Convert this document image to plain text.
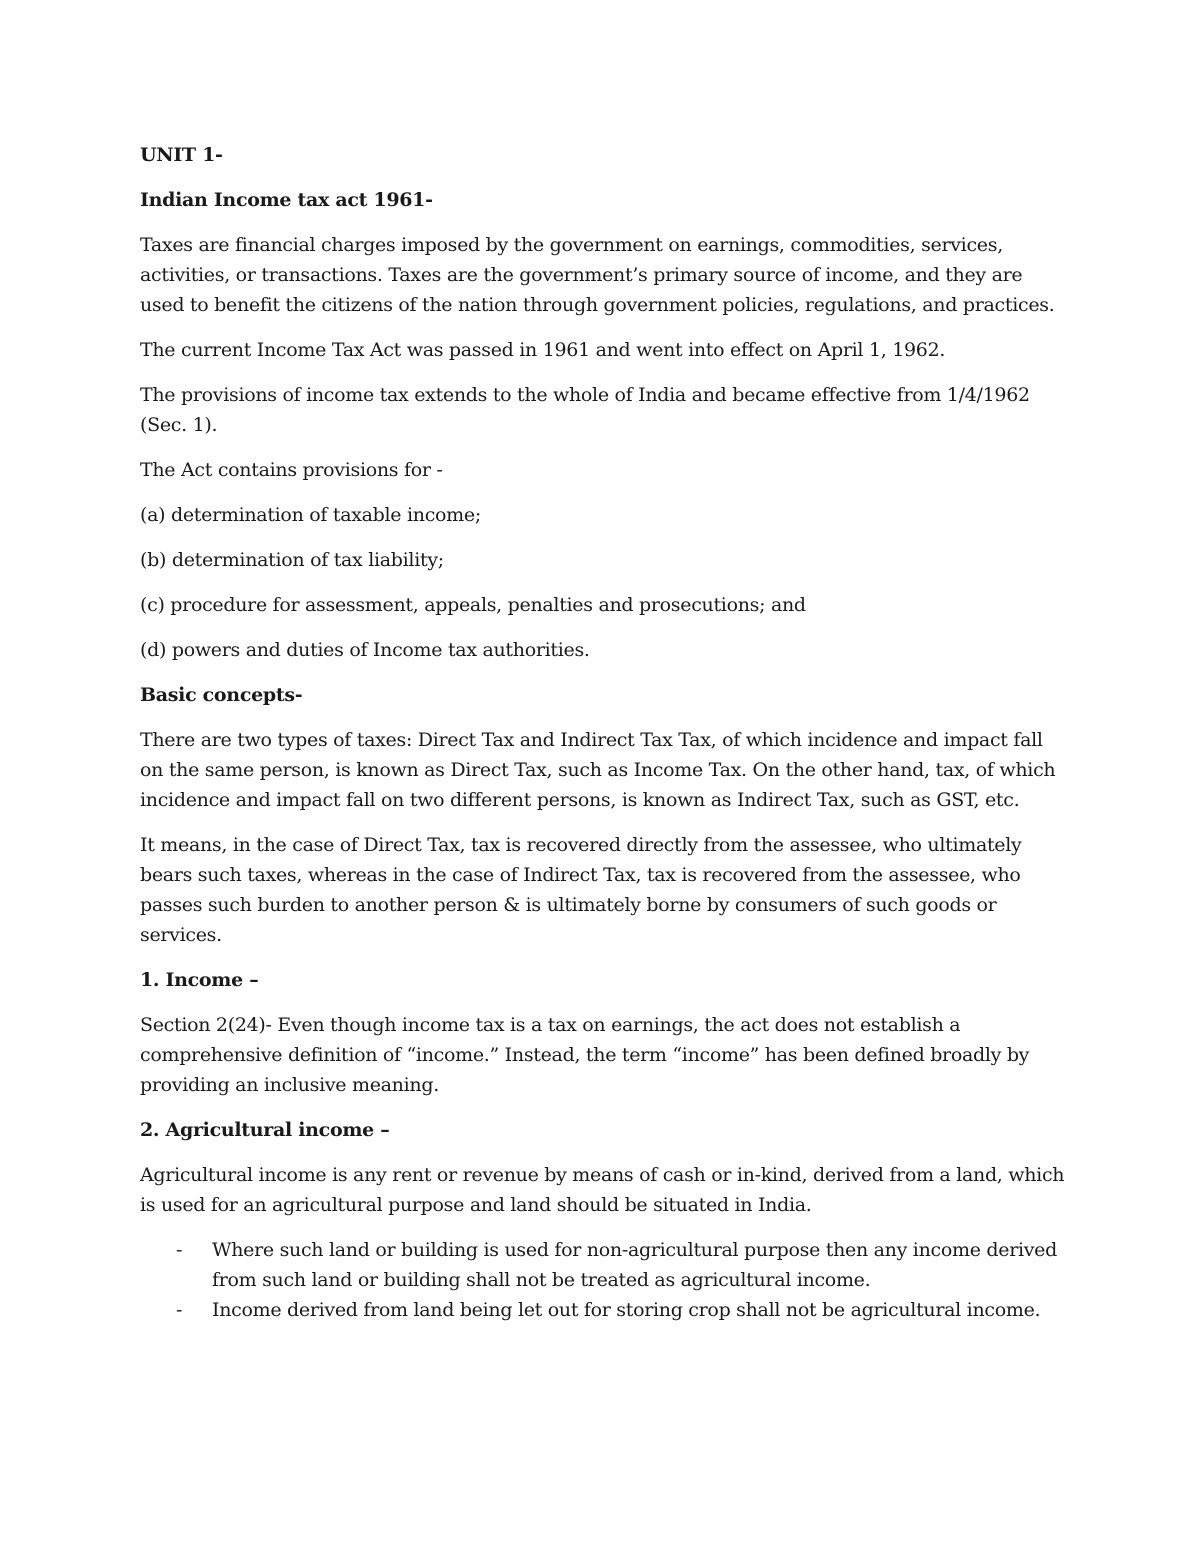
UNIT 1-

Indian Income tax act 1961-

Taxes are financial charges imposed by the government on earnings, commodities, services, activities, or transactions. Taxes are the government’s primary source of income, and they are used to benefit the citizens of the nation through government policies, regulations, and practices.

The current Income Tax Act was passed in 1961 and went into effect on April 1, 1962.

The provisions of income tax extends to the whole of India and became effective from 1/4/1962 (Sec. 1).

The Act contains provisions for -

(a) determination of taxable income;

(b) determination of tax liability;

(c) procedure for assessment, appeals, penalties and prosecutions; and

(d) powers and duties of Income tax authorities.

Basic concepts-

There are two types of taxes: Direct Tax and Indirect Tax Tax, of which incidence and impact fall on the same person, is known as Direct Tax, such as Income Tax. On the other hand, tax, of which incidence and impact fall on two different persons, is known as Indirect Tax, such as GST, etc.

It means, in the case of Direct Tax, tax is recovered directly from the assessee, who ultimately bears such taxes, whereas in the case of Indirect Tax, tax is recovered from the assessee, who passes such burden to another person & is ultimately borne by consumers of such goods or services.

1. Income –

Section 2(24)- Even though income tax is a tax on earnings, the act does not establish a comprehensive definition of “income.” Instead, the term “income” has been defined broadly by providing an inclusive meaning.

2. Agricultural income –

Agricultural income is any rent or revenue by means of cash or in-kind, derived from a land, which is used for an agricultural purpose and land should be situated in India.

- Where such land or building is used for non-agricultural purpose then any income derived from such land or building shall not be treated as agricultural income.
- Income derived from land being let out for storing crop shall not be agricultural income.
